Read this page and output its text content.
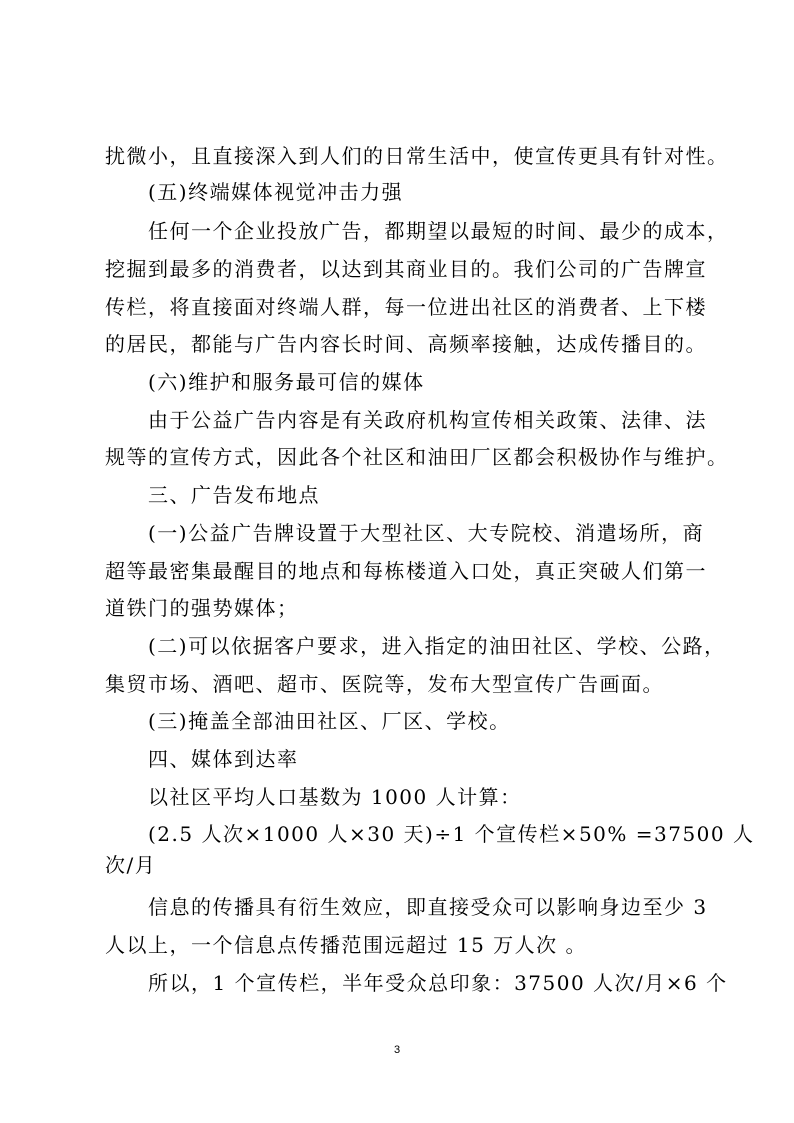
扰微小，且直接深入到人们的日常生活中，使宣传更具有针对性。
(五)终端媒体视觉冲击力强
任何一个企业投放广告，都期望以最短的时间、最少的成本，
挖掘到最多的消费者，以达到其商业目的。我们公司的广告牌宣
传栏，将直接面对终端人群，每一位进出社区的消费者、上下楼
的居民，都能与广告内容长时间、高频率接触，达成传播目的。
(六)维护和服务最可信的媒体
由于公益广告内容是有关政府机构宣传相关政策、法律、法
规等的宣传方式，因此各个社区和油田厂区都会积极协作与维护。
三、广告发布地点
(一)公益广告牌设置于大型社区、大专院校、消遣场所，商
超等最密集最醒目的地点和每栋楼道入口处，真正突破人们第一
道铁门的强势媒体；
(二)可以依据客户要求，进入指定的油田社区、学校、公路，
集贸市场、酒吧、超市、医院等，发布大型宣传广告画面。
(三)掩盖全部油田社区、厂区、学校。
四、媒体到达率
以社区平均人口基数为 1000 人计算：
(2.5 人次×1000 人×30 天)÷1 个宣传栏×50% =37500 人
次/月
信息的传播具有衍生效应，即直接受众可以影响身边至少 3
人以上，一个信息点传播范围远超过 15 万人次 。
所以，1 个宣传栏，半年受众总印象：37500 人次/月×6 个
3
